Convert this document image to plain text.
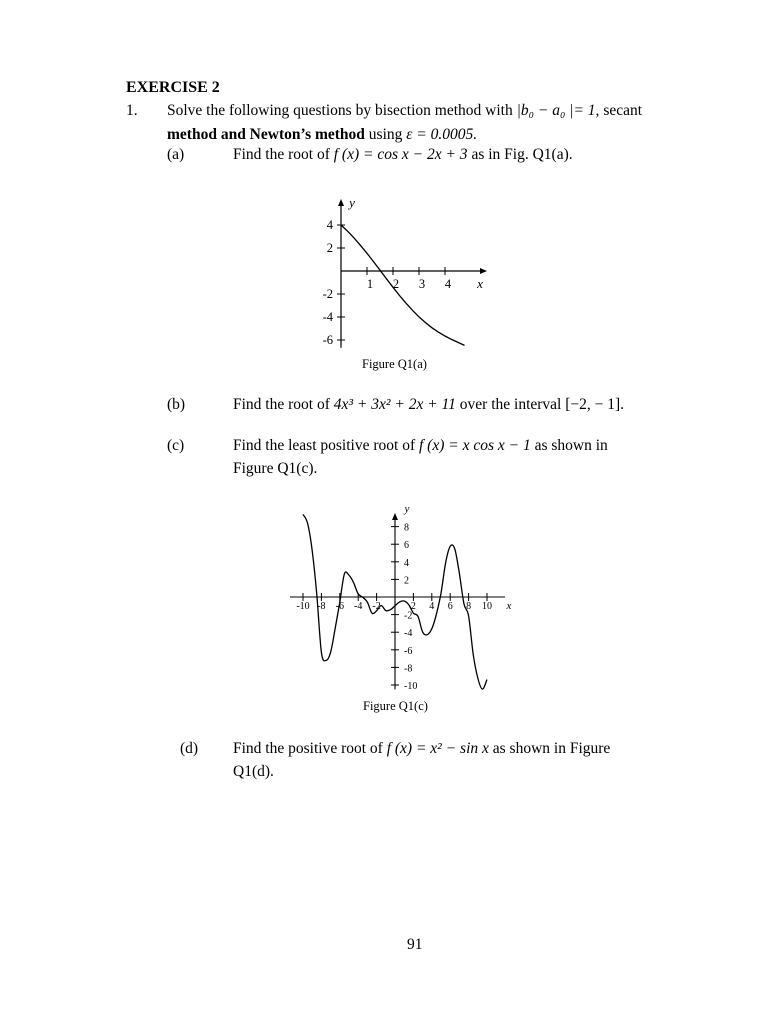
EXERCISE 2
1. Solve the following questions by bisection method with |b₀ − a₀ |= 1, secant
method and Newton’s method using ε = 0.0005.
(a)	Find the root of f (x) = cos x − 2x + 3 as in Fig. Q1(a).
y
x
1 2 3 4
4
2
-2
-4
-6
Figure Q1(a)
(b)	Find the root of 4x³ + 3x² + 2x + 11 over the interval [−2, − 1].
(c)	Find the least positive root of f (x) = x cos x − 1 as shown in
Figure Q1(c).
y
x
-10 -8 -6 -4 -2	2 4 6 8 10
8
6
4
2
-2
-4
-6
-8
-10
Figure Q1(c)
(d) Find the positive root of f (x) = x² − sin x as shown in Figure
Q1(d).
91
